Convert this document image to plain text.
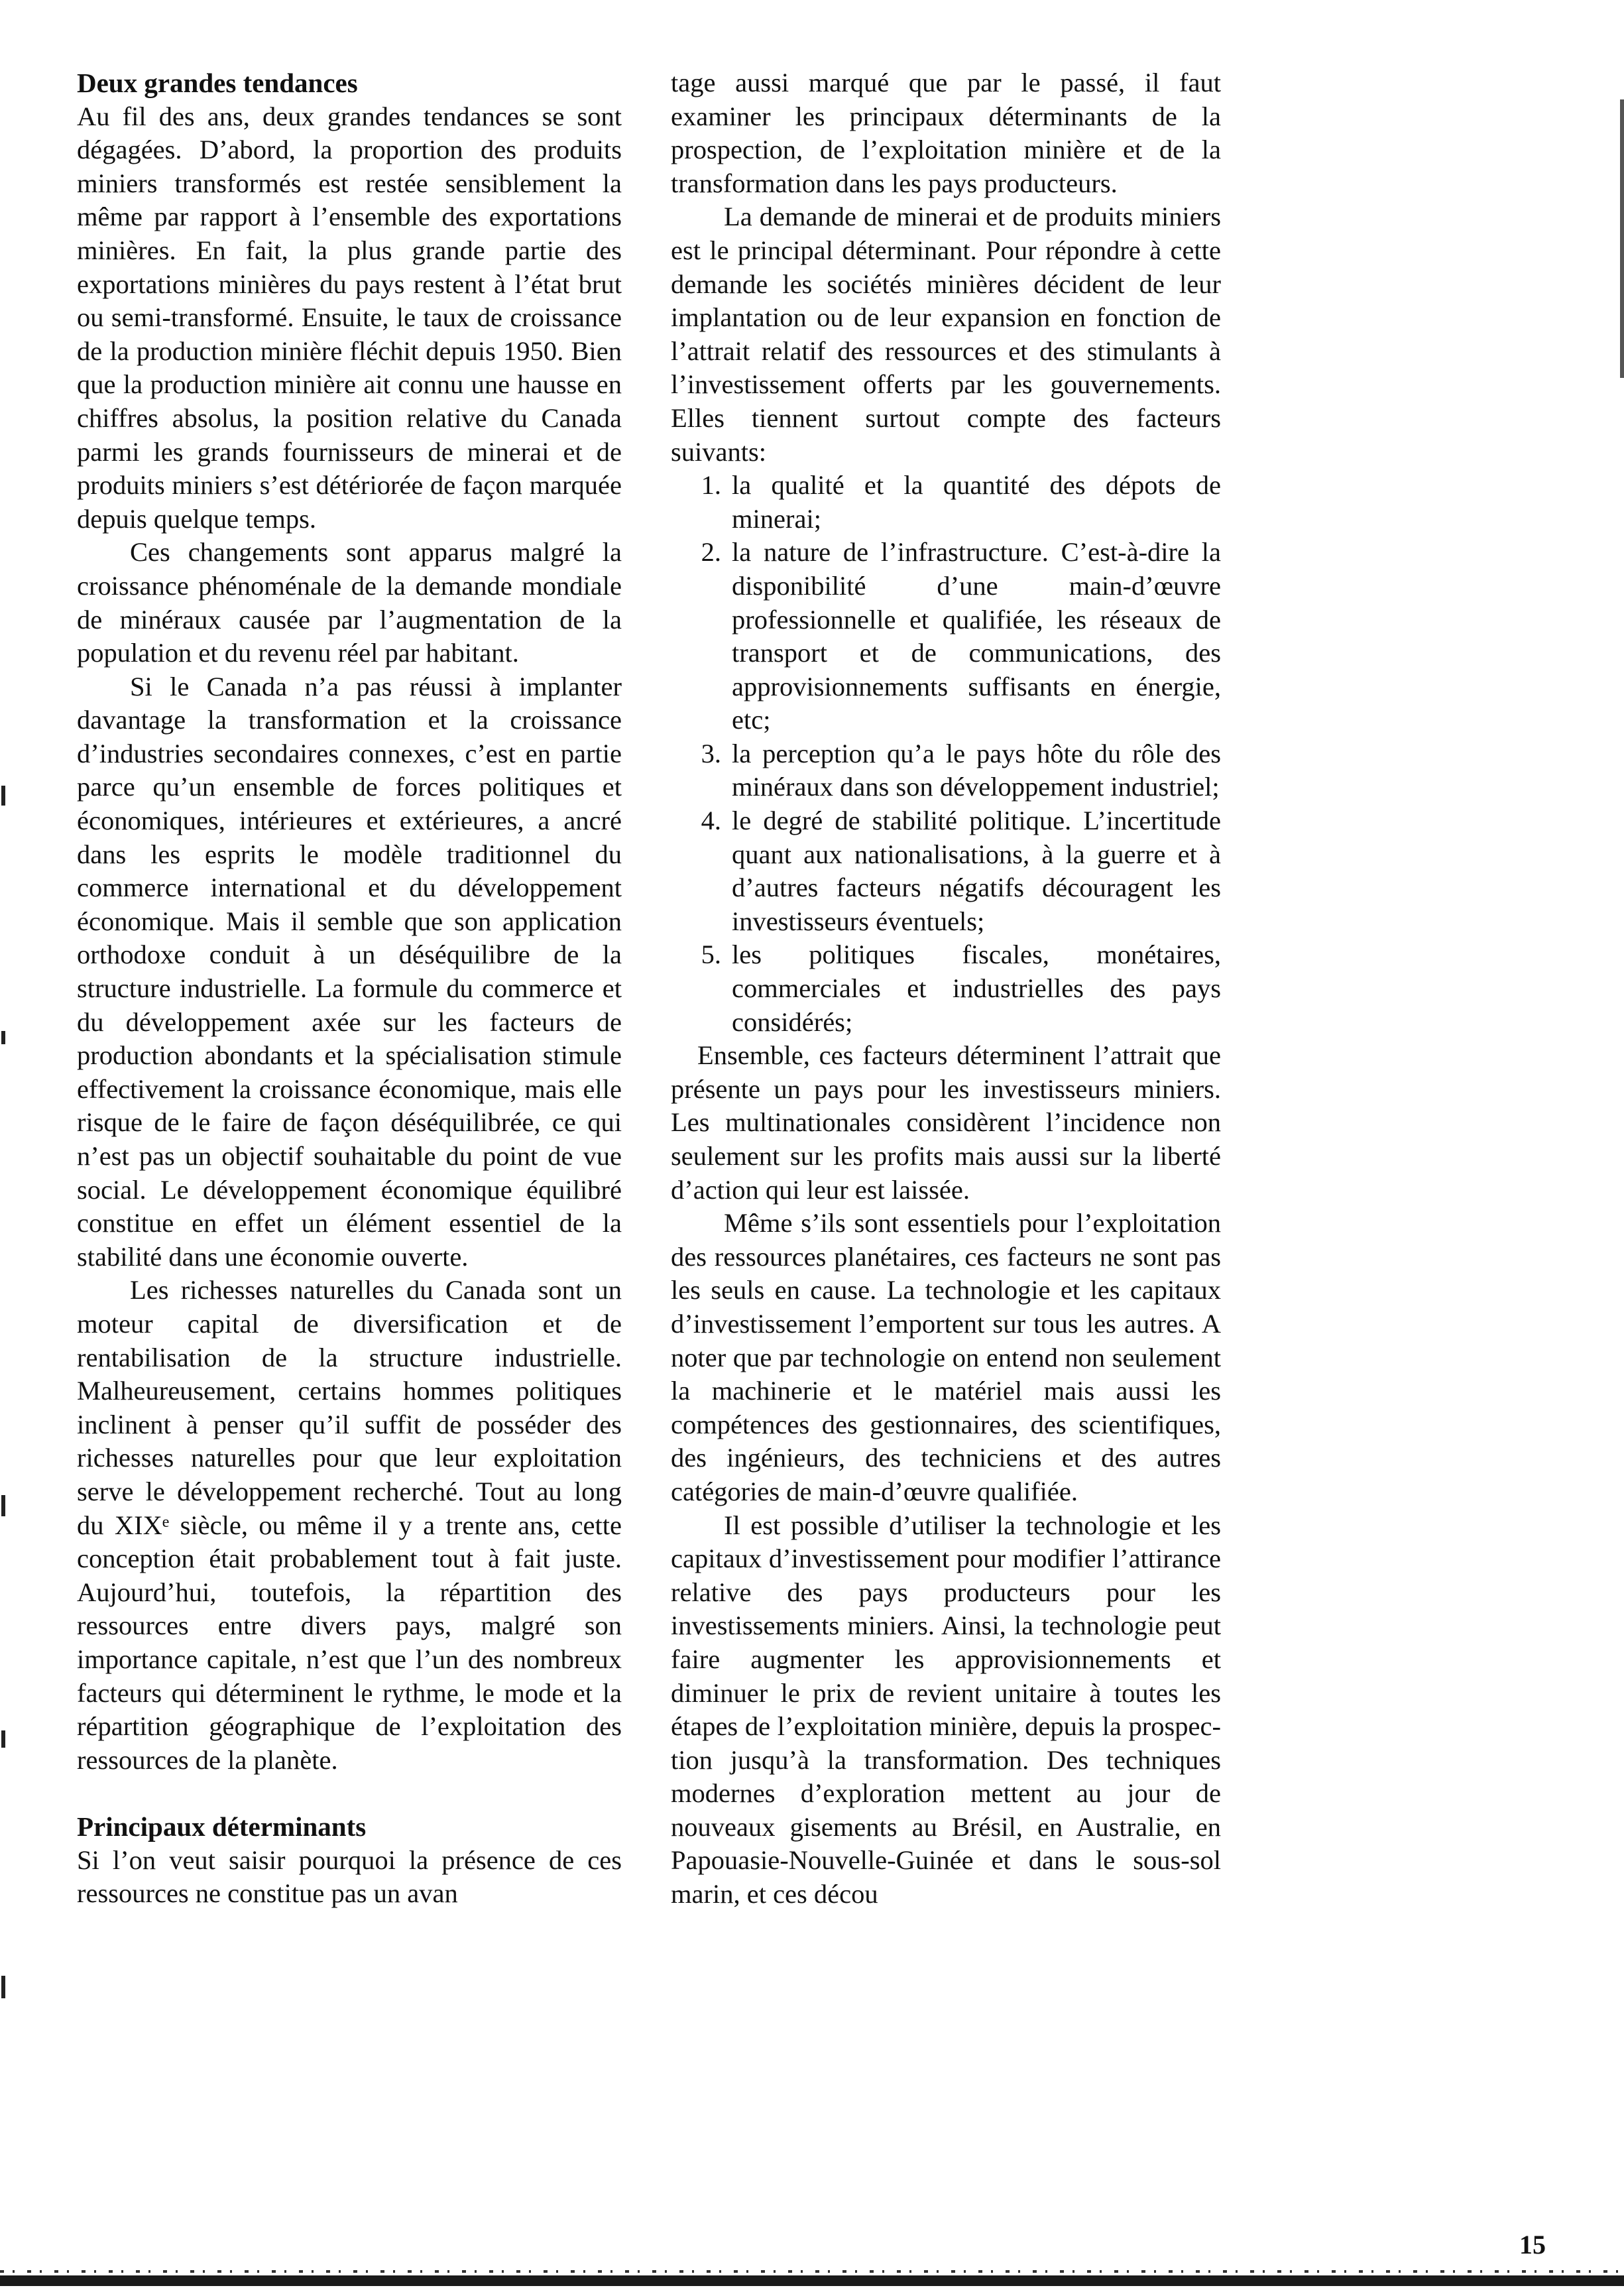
Deux grandes tendances

Au fil des ans, deux grandes tendances se sont dégagées. D’abord, la proportion des produits miniers transformés est restée sensiblement la même par rapport à l’ensemble des exportations minières. En fait, la plus grande partie des exportations minières du pays restent à l’état brut ou semi-transformé. Ensuite, le taux de croissance de la production minière fléchit depuis 1950. Bien que la production minière ait connu une hausse en chiffres absolus, la position relative du Canada parmi les grands fournisseurs de minerai et de produits miniers s’est détériorée de façon marquée depuis quelque temps.

Ces changements sont apparus malgré la croissance phénoménale de la demande mondiale de minéraux causée par l’augmentation de la population et du revenu réel par habitant.

Si le Canada n’a pas réussi à implanter davantage la transformation et la croissance d’industries secondaires connexes, c’est en partie parce qu’un ensemble de forces politiques et économiques, intérieures et extérieures, a ancré dans les esprits le modèle traditionnel du commerce international et du développement économique. Mais il semble que son application orthodoxe conduit à un déséquilibre de la structure industrielle. La formule du commerce et du développement axée sur les facteurs de production abondants et la spécialisation stimule effectivement la croissance économique, mais elle risque de le faire de façon déséquilibrée, ce qui n’est pas un objectif souhaitable du point de vue social. Le développement économique équilibré constitue en effet un élément essentiel de la stabilité dans une économie ouverte.

Les richesses naturelles du Canada sont un moteur capital de diversification et de rentabilisation de la structure industrielle. Malheureusement, certains hommes politiques inclinent à penser qu’il suffit de posséder des richesses naturelles pour que leur exploitation serve le développement recherché. Tout au long du XIXᵉ siècle, ou même il y a trente ans, cette conception était probablement tout à fait juste. Aujourd’hui, toutefois, la répartition des ressources entre divers pays, malgré son importance capitale, n’est que l’un des nombreux facteurs qui déterminent le rythme, le mode et la répartition géographique de l’exploitation des ressources de la planète.

Principaux déterminants

Si l’on veut saisir pourquoi la présence de ces ressources ne constitue pas un avan

tage aussi marqué que par le passé, il faut examiner les principaux déterminants de la prospection, de l’exploitation minière et de la transformation dans les pays producteurs.

La demande de minerai et de produits miniers est le principal déterminant. Pour répondre à cette demande les sociétés minières décident de leur implantation ou de leur expansion en fonction de l’attrait relatif des ressources et des stimulants à l’investissement offerts par les gouvernements. Elles tiennent surtout compte des facteurs suivants:

1. la qualité et la quantité des dépots de minerai;
2. la nature de l’infrastructure. C’est-à-dire la disponibilité d’une main-d’œuvre professionnelle et qualifiée, les réseaux de transport et de communications, des approvisionnements suffisants en énergie, etc;
3. la perception qu’a le pays hôte du rôle des minéraux dans son développement industriel;
4. le degré de stabilité politique. L’incertitude quant aux nationalisations, à la guerre et à d’autres facteurs négatifs découragent les investisseurs éventuels;
5. les politiques fiscales, monétaires, commerciales et industrielles des pays considérés;

Ensemble, ces facteurs déterminent l’attrait que présente un pays pour les investisseurs miniers. Les multinationales considèrent l’incidence non seulement sur les profits mais aussi sur la liberté d’action qui leur est laissée.

Même s’ils sont essentiels pour l’exploitation des ressources planétaires, ces facteurs ne sont pas les seuls en cause. La technologie et les capitaux d’investissement l’emportent sur tous les autres. A noter que par technologie on entend non seulement la machinerie et le matériel mais aussi les compétences des gestionnaires, des scientifiques, des ingénieurs, des techniciens et des autres catégories de main-d’œuvre qualifiée.

Il est possible d’utiliser la technologie et les capitaux d’investissement pour modifier l’attirance relative des pays producteurs pour les investissements miniers. Ainsi, la technologie peut faire augmenter les approvisionnements et diminuer le prix de revient unitaire à toutes les étapes de l’exploitation minière, depuis la prospection jusqu’à la transformation. Des techniques modernes d’exploration mettent au jour de nouveaux gisements au Brésil, en Australie, en Papouasie-Nouvelle-Guinée et dans le sous-sol marin, et ces décou

15
